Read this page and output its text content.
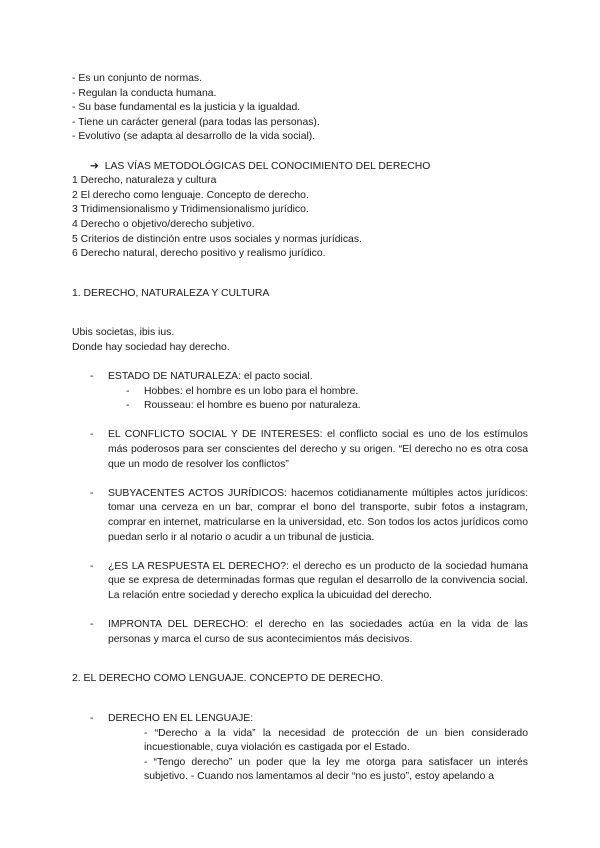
- Es un conjunto de normas.

- Regulan la conducta humana.

- Su base fundamental es la justicia y la igualdad.

- Tiene un carácter general (para todas las personas).

- Evolutivo (se adapta al desarrollo de la vida social).

➔ LAS VÍAS METODOLÓGICAS DEL CONOCIMIENTO DEL DERECHO

1 Derecho, naturaleza y cultura

2 El derecho como lenguaje. Concepto de derecho.

3 Tridimensionalismo y Tridimensionalismo jurídico.

4 Derecho o objetivo/derecho subjetivo.

5 Criterios de distinción entre usos sociales y normas jurídicas.

6 Derecho natural, derecho positivo y realismo jurídico.

1. DERECHO, NATURALEZA Y CULTURA

Ubis societas, ibis ius.

Donde hay sociedad hay derecho.

- ESTADO DE NATURALEZA: el pacto social.
- Hobbes: el hombre es un lobo para el hombre.
- Rousseau: el hombre es bueno por naturaleza.
- EL CONFLICTO SOCIAL Y DE INTERESES: el conflicto social es uno de los estímulos más poderosos para ser conscientes del derecho y su origen. “El derecho no es otra cosa que un modo de resolver los conflictos”
- SUBYACENTES ACTOS JURÍDICOS: hacemos cotidianamente múltiples actos jurídicos: tomar una cerveza en un bar, comprar el bono del transporte, subir fotos a instagram, comprar en internet, matricularse en la universidad, etc. Son todos los actos jurídicos como puedan serlo ir al notario o acudir a un tribunal de justicia.
- ¿ES LA RESPUESTA EL DERECHO?: el derecho es un producto de la sociedad humana que se expresa de determinadas formas que regulan el desarrollo de la convivencia social. La relación entre sociedad y derecho explica la ubicuidad del derecho.
- IMPRONTA DEL DERECHO: el derecho en las sociedades actúa en la vida de las personas y marca el curso de sus acontecimientos más decisivos.

2. EL DERECHO COMO LENGUAJE. CONCEPTO DE DERECHO.

- DERECHO EN EL LENGUAJE:

- “Derecho a la vida” la necesidad de protección de un bien considerado incuestionable, cuya violación es castigada por el Estado.

- “Tengo derecho” un poder que la ley me otorga para satisfacer un interés subjetivo. - Cuando nos lamentamos al decir “no es justo”, estoy apelando a
